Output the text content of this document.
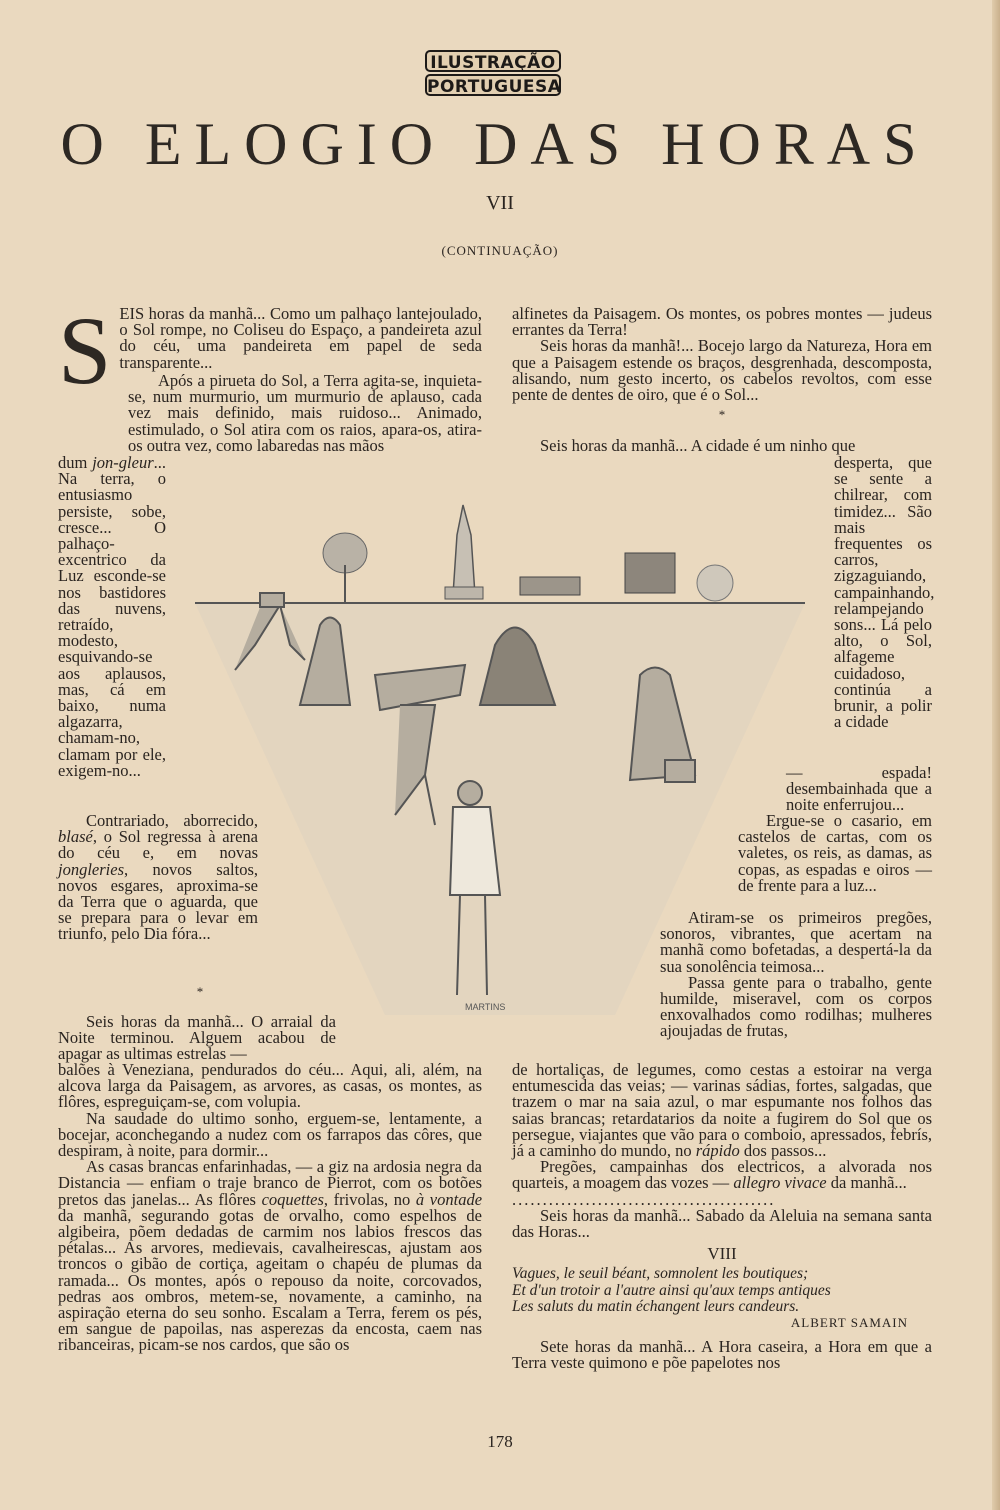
ILUSTRAÇÃO
PORTUGUESA
O ELOGIO DAS HORAS
VII
(CONTINUAÇÃO)
S EIS horas da manhã... Como um palhaço lantejoulado, o Sol rompe, no Coliseu do Espaço, a pandeireta azul do céu, uma pandeireta em papel de seda transparente...

Após a pirueta do Sol, a Terra agita-se, inquieta-se, num murmurio, um murmurio de aplauso, cada vez mais definido, mais ruidoso... Animado, estimulado, o Sol atira com os raios, apara-os, atira-os outra vez, como labaredas nas mãos

dum jon-gleur... Na terra, o entusiasmo persiste, sobe, cresce... O palhaço-excentrico da Luz esconde-se nos bastidores das nuvens, retraído, modesto, esquivando-se aos aplausos, mas, cá em baixo, numa algazarra, chamam-no, clamam por ele, exigem-no...

Contrariado, aborrecido, blasé, o Sol regressa à arena do céu e, em novas jongleries, novos saltos, novos esgares, aproxima-se da Terra que o aguarda, que se prepara para o levar em triunfo, pelo Dia fóra...

*

Seis horas da manhã... O arraial da Noite terminou. Alguem acabou de apagar as ultimas estrelas —

balões à Veneziana, pendurados do céu... Aqui, ali, além, na alcova larga da Paisagem, as arvores, as casas, os montes, as flôres, espreguiçam-se, com volupia.

Na saudade do ultimo sonho, erguem-se, lentamente, a bocejar, aconchegando a nudez com os farrapos das côres, que despiram, à noite, para dormir...

As casas brancas enfarinhadas, — a giz na ardosia negra da Distancia — enfiam o traje branco de Pierrot, com os botões pretos das janelas... As flôres coquettes, frivolas, no à vontade da manhã, segurando gotas de orvalho, como espelhos de algibeira, põem dedadas de carmim nos labios frescos das pétalas... As arvores, medievais, cavalheirescas, ajustam aos troncos o gibão de cortiça, ageitam o chapéu de plumas da ramada... Os montes, após o repouso da noite, corcovados, pedras aos ombros, metem-se, novamente, a caminho, na aspiração eterna do seu sonho. Escalam a Terra, ferem os pés, em sangue de papoilas, nas asperezas da encosta, caem nas ribanceiras, picam-se nos cardos, que são os

alfinetes da Paisagem. Os montes, os pobres montes — judeus errantes da Terra!

Seis horas da manhã!... Bocejo largo da Natureza, Hora em que a Paisagem estende os braços, desgrenhada, descomposta, alisando, num gesto incerto, os cabelos revoltos, com esse pente de dentes de oiro, que é o Sol...

*

Seis horas da manhã... A cidade é um ninho que

desperta, que se sente a chilrear, com timidez... São mais frequentes os carros, zigzaguiando, campainhando, relampejando sons... Lá pelo alto, o Sol, alfageme cuidadoso, continúa a brunir, a polir a cidade

— espada! desembainhada que a noite enferrujou...

Ergue-se o casario, em castelos de cartas, com os valetes, os reis, as damas, as copas, as espadas e oiros — de frente para a luz...

Atiram-se os primeiros pregões, sonoros, vibrantes, que acertam na manhã como bofetadas, a despertá-la da sua sonolência teimosa...

Passa gente para o trabalho, gente humilde, miseravel, com os corpos enxovalhados como rodilhas; mulheres ajoujadas de frutas,

de hortaliças, de legumes, como cestas a estoirar na verga entumescida das veias; — varinas sádias, fortes, salgadas, que trazem o mar na saia azul, o mar espumante nos folhos das saias brancas; retardatarios da noite a fugirem do Sol que os persegue, viajantes que vão para o comboio, apressados, febrís, já a caminho do mundo, no rápido dos passos...

Pregões, campainhas dos electricos, a alvorada nos quarteis, a moagem das vozes — allegro vivace da manhã...

...........................................

Seis horas da manhã... Sabado da Aleluia na semana santa das Horas...

VIII

Vagues, le seuil béant, somnolent les boutiques;

Et d'un trotoir a l'autre ainsi qu'aux temps antiques

Les saluts du matin échangent leurs candeurs.

ALBERT SAMAIN

Sete horas da manhã... A Hora caseira, a Hora em que a Terra veste quimono e põe papelotes nos

MARTINS
178
